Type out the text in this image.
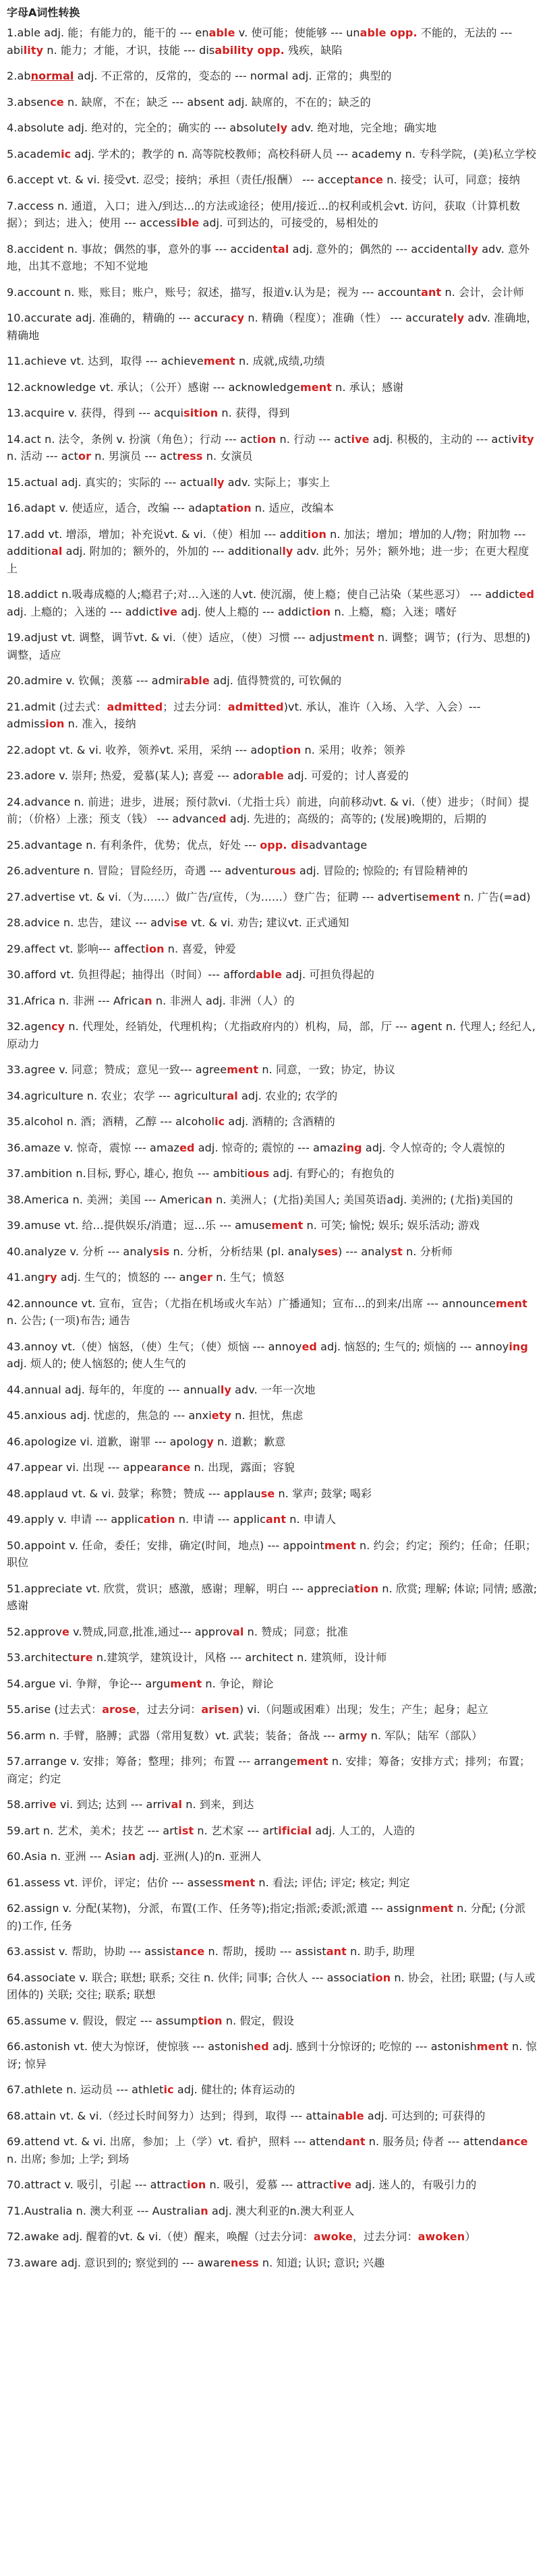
字母A词性转换
1.able adj. 能；有能力的，能干的 --- enable v. 使可能；使能够 --- unable opp. 不能的，无法的 --- ability n. 能力；才能，才识，技能 --- disability opp. 残疾，缺陷
2.abnormal adj. 不正常的，反常的，变态的 --- normal adj. 正常的；典型的
3.absence n. 缺席，不在；缺乏 --- absent adj. 缺席的，不在的；缺乏的
4.absolute adj. 绝对的，完全的；确实的 --- absolutely adv. 绝对地，完全地；确实地
5.academic adj. 学术的；教学的 n. 高等院校教师；高校科研人员 --- academy n. 专科学院，(美)私立学校
6.accept vt. & vi. 接受vt. 忍受；接纳；承担（责任/报酬） --- acceptance n. 接受；认可，同意；接纳
7.access n. 通道，入口；进入/到达…的方法或途径；使用/接近…的权利或机会vt. 访问，获取（计算机数据）；到达；进入；使用 --- accessible adj. 可到达的，可接受的，易相处的
8.accident n. 事故；偶然的事，意外的事 --- accidental adj. 意外的；偶然的 --- accidentally adv. 意外地，出其不意地；不知不觉地
9.account n. 账，账目；账户，账号；叙述，描写，报道v.认为是；视为 --- accountant n. 会计，会计师
10.accurate adj. 准确的，精确的 --- accuracy n. 精确（程度）；准确（性） --- accurately adv. 准确地，精确地
11.achieve vt. 达到，取得 --- achievement n. 成就,成绩,功绩
12.acknowledge vt. 承认；（公开）感谢 --- acknowledgement n. 承认；感谢
13.acquire v. 获得，得到 --- acquisition n. 获得，得到
14.act n. 法令，条例 v. 扮演（角色）；行动 --- action n. 行动 --- active adj. 积极的，主动的 --- activity n. 活动 --- actor n. 男演员 --- actress n. 女演员
15.actual adj. 真实的；实际的 --- actually adv. 实际上；事实上
16.adapt v. 使适应，适合，改编 --- adaptation n. 适应，改编本
17.add vt. 增添，增加；补充说vt. & vi.（使）相加 --- addition n. 加法；增加；增加的人/物；附加物 --- additional adj. 附加的；额外的，外加的 --- additionally adv. 此外；另外；额外地；进一步；在更大程度上
18.addict n.吸毒成瘾的人;瘾君子;对…入迷的人vt. 使沉溺，使上瘾；使自己沾染（某些恶习） --- addicted adj. 上瘾的；入迷的 --- addictive adj. 使人上瘾的 --- addiction n. 上瘾，瘾；入迷；嗜好
19.adjust vt. 调整，调节vt. & vi.（使）适应，（使）习惯 --- adjustment n. 调整；调节；(行为、思想的)调整，适应
20.admire v. 钦佩；羡慕 --- admirable adj. 值得赞赏的, 可钦佩的
21.admit (过去式：admitted；过去分词：admitted)vt. 承认，准许（入场、入学、入会）--- admission n. 准入，接纳
22.adopt vt. & vi. 收养，领养vt. 采用，采纳 --- adoption n. 采用；收养；领养
23.adore v. 崇拜; 热爱，爱慕(某人); 喜爱 --- adorable adj. 可爱的；讨人喜爱的
24.advance n. 前进；进步，进展；预付款vi.（尤指士兵）前进，向前移动vt. & vi.（使）进步；（时间）提前；（价格）上涨；预支（钱） --- advanced adj. 先进的；高级的；高等的; (发展)晚期的，后期的
25.advantage n. 有利条件，优势；优点，好处 --- opp. disadvantage
26.adventure n. 冒险；冒险经历，奇遇 --- adventurous adj. 冒险的; 惊险的; 有冒险精神的
27.advertise vt. & vi.（为……）做广告/宣传，（为……）登广告；征聘 --- advertisement n. 广告(=ad)
28.advice n. 忠告，建议 --- advise vt. & vi. 劝告; 建议vt. 正式通知
29.affect vt. 影响--- affection n. 喜爱，钟爱
30.afford vt. 负担得起；抽得出（时间）--- affordable adj. 可担负得起的
31.Africa n. 非洲 --- African n. 非洲人 adj. 非洲（人）的
32.agency n. 代理处，经销处，代理机构；（尤指政府内的）机构，局，部，厅 --- agent n. 代理人; 经纪人, 原动力
33.agree v. 同意；赞成；意见一致--- agreement n. 同意，一致；协定，协议
34.agriculture n. 农业；农学 --- agricultural adj. 农业的; 农学的
35.alcohol n. 酒；酒精，乙醇 --- alcoholic adj. 酒精的; 含酒精的
36.amaze v. 惊奇，震惊 --- amazed adj. 惊奇的; 震惊的 --- amazing adj. 令人惊奇的; 令人震惊的
37.ambition n.目标, 野心, 雄心, 抱负 --- ambitious adj. 有野心的；有抱负的
38.America n. 美洲；美国 --- American n. 美洲人；(尤指)美国人; 美国英语adj. 美洲的; (尤指)美国的
39.amuse vt. 给…提供娱乐/消遣；逗…乐 --- amusement n. 可笑; 愉悦; 娱乐; 娱乐活动; 游戏
40.analyze v. 分析 --- analysis n. 分析，分析结果 (pl. analyses) --- analyst n. 分析师
41.angry adj. 生气的；愤怒的 --- anger n. 生气；愤怒
42.announce vt. 宣布，宣告；（尤指在机场或火车站）广播通知；宣布…的到来/出席 --- announcement n. 公告; (一项)布告; 通告
43.annoy vt.（使）恼怒，（使）生气；（使）烦恼 --- annoyed adj. 恼怒的; 生气的; 烦恼的 --- annoying adj. 烦人的; 使人恼怒的; 使人生气的
44.annual adj. 每年的，年度的 --- annually adv. 一年一次地
45.anxious adj. 忧虑的，焦急的 --- anxiety n. 担忧，焦虑
46.apologize vi. 道歉，谢罪 --- apology n. 道歉；歉意
47.appear vi. 出现 --- appearance n. 出现，露面；容貌
48.applaud vt. & vi. 鼓掌；称赞；赞成 --- applause n. 掌声; 鼓掌; 喝彩
49.apply v. 申请 --- application n. 申请 --- applicant n. 申请人
50.appoint v. 任命，委任；安排，确定(时间，地点) --- appointment n. 约会；约定；预约；任命；任职；职位
51.appreciate vt. 欣赏，赏识；感激，感谢；理解，明白 --- appreciation n. 欣赏; 理解; 体谅; 同情; 感激; 感谢
52.approve v.赞成,同意,批准,通过--- approval n. 赞成；同意；批准
53.architecture n.建筑学，建筑设计，风格 --- architect n. 建筑师，设计师
54.argue vi. 争辩，争论--- argument n. 争论，辩论
55.arise (过去式：arose，过去分词：arisen) vi.（问题或困难）出现；发生；产生；起身；起立
56.arm n. 手臂，胳膊；武器（常用复数）vt. 武装；装备；备战 --- army n. 军队；陆军（部队）
57.arrange v. 安排；筹备；整理；排列；布置 --- arrangement n. 安排；筹备；安排方式；排列；布置；商定；约定
58.arrive vi. 到达; 达到 --- arrival n. 到来，到达
59.art n. 艺术，美术；技艺 --- artist n. 艺术家 --- artificial adj. 人工的，人造的
60.Asia n. 亚洲 --- Asian adj. 亚洲(人)的n. 亚洲人
61.assess vt. 评价，评定；估价 --- assessment n. 看法; 评估; 评定; 核定; 判定
62.assign v. 分配(某物)，分派，布置(工作、任务等);指定;指派;委派;派遣 --- assignment n. 分配; (分派的)工作, 任务
63.assist v. 帮助，协助 --- assistance n. 帮助，援助 --- assistant n. 助手, 助理
64.associate v. 联合; 联想; 联系; 交往 n. 伙伴; 同事; 合伙人 --- association n. 协会，社团; 联盟; (与人或团体的) 关联; 交往; 联系; 联想
65.assume v. 假设，假定 --- assumption n. 假定，假设
66.astonish vt. 使大为惊讶，使惊骇 --- astonished adj. 感到十分惊讶的; 吃惊的 --- astonishment n. 惊讶; 惊异
67.athlete n. 运动员 --- athletic adj. 健壮的; 体育运动的
68.attain vt. & vi.（经过长时间努力）达到；得到，取得 --- attainable adj. 可达到的; 可获得的
69.attend vt. & vi. 出席，参加；上（学）vt. 看护，照料 --- attendant n. 服务员; 侍者 --- attendance n. 出席; 参加; 上学; 到场
70.attract v. 吸引，引起 --- attraction n. 吸引，爱慕 --- attractive adj. 迷人的，有吸引力的
71.Australia n. 澳大利亚 --- Australian adj. 澳大利亚的n.澳大利亚人
72.awake adj. 醒着的vt. & vi.（使）醒来，唤醒（过去分词：awoke，过去分词：awoken）
73.aware adj. 意识到的; 察觉到的 --- awareness n. 知道; 认识; 意识; 兴趣
